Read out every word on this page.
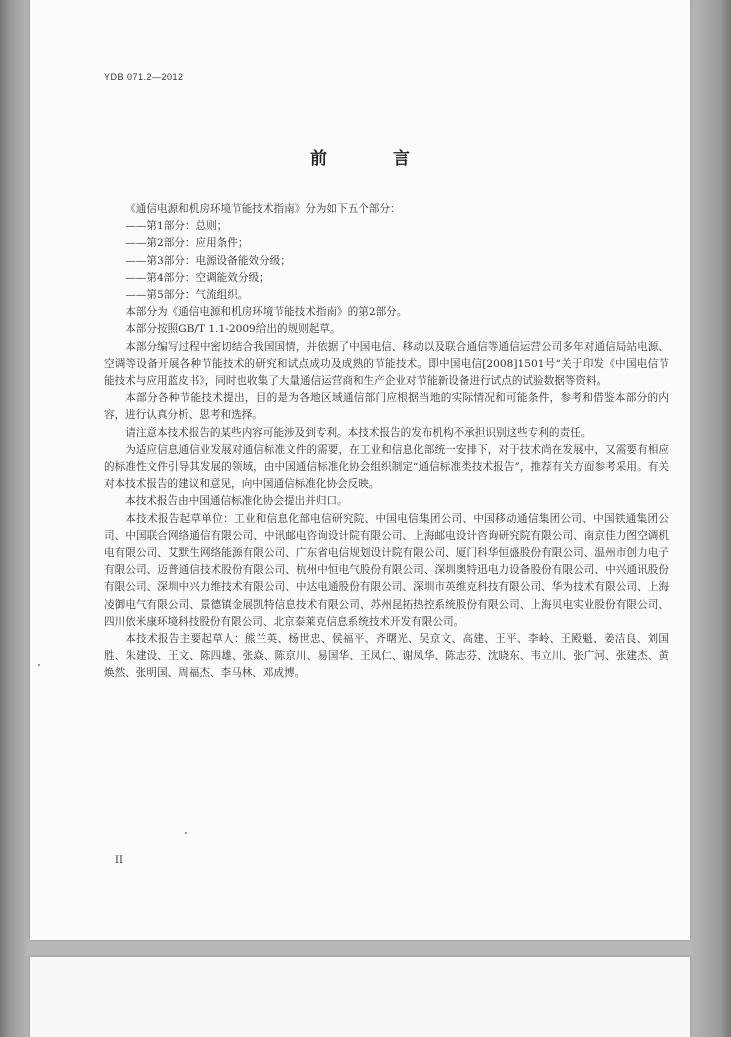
YDB 071.2—2012
前 言

《通信电源和机房环境节能技术指南》分为如下五个部分：

——第1部分：总则；

——第2部分：应用条件；

——第3部分：电源设备能效分级；

——第4部分：空调能效分级；

——第5部分：气流组织。

本部分为《通信电源和机房环境节能技术指南》的第2部分。

本部分按照GB/T 1.1-2009给出的规则起草。

本部分编写过程中密切结合我国国情，并依据了中国电信、移动以及联合通信等通信运营公司多年对通信局站电源、空调等设备开展各种节能技术的研究和试点成功及成熟的节能技术。即中国电信[2008]1501号“关于印发《中国电信节能技术与应用蓝皮书》，同时也收集了大量通信运营商和生产企业对节能新设备进行试点的试验数据等资料。

本部分各种节能技术提出，目的是为各地区域通信部门应根据当地的实际情况和可能条件，参考和借鉴本部分的内容，进行认真分析、思考和选择。

请注意本技术报告的某些内容可能涉及到专利。本技术报告的发布机构不承担识别这些专利的责任。

为适应信息通信业发展对通信标准文件的需要，在工业和信息化部统一安排下，对于技术尚在发展中，又需要有相应的标准性文件引导其发展的领域，由中国通信标准化协会组织制定“通信标准类技术报告”，推荐有关方面参考采用。有关对本技术报告的建议和意见，向中国通信标准化协会反映。

本技术报告由中国通信标准化协会提出并归口。

本技术报告起草单位：工业和信息化部电信研究院、中国电信集团公司、中国移动通信集团公司、中国铁通集团公司、中国联合网络通信有限公司、中讯邮电咨询设计院有限公司、上海邮电设计咨询研究院有限公司、南京佳力图空调机电有限公司、艾默生网络能源有限公司、广东省电信规划设计院有限公司、厦门科华恒盛股份有限公司、温州市创力电子有限公司、迈普通信技术股份有限公司、杭州中恒电气股份有限公司、深圳奥特迅电力设备股份有限公司、中兴通讯股份有限公司、深圳中兴力维技术有限公司、中达电通股份有限公司、深圳市英维克科技有限公司、华为技术有限公司、上海凌御电气有限公司、景德镇金展凯特信息技术有限公司、苏州昆拓热控系统股份有限公司、上海贝电实业股份有限公司、四川依米康环境科技股份有限公司、北京泰莱克信息系统技术开发有限公司。

本技术报告主要起草人：熊兰英、杨世忠、侯福平、齐曙光、吴京文、高建、王平、李岭、王殿魁、姜洁良、刘国胜、朱建设、王文、陈四雄、张焱、陈京川、易国华、王凤仁、谢凤华、陈志芬、沈晓东、韦立川、张广河、张建杰、黄焕然、张明国、周福杰、李马林、邓成博。

II
